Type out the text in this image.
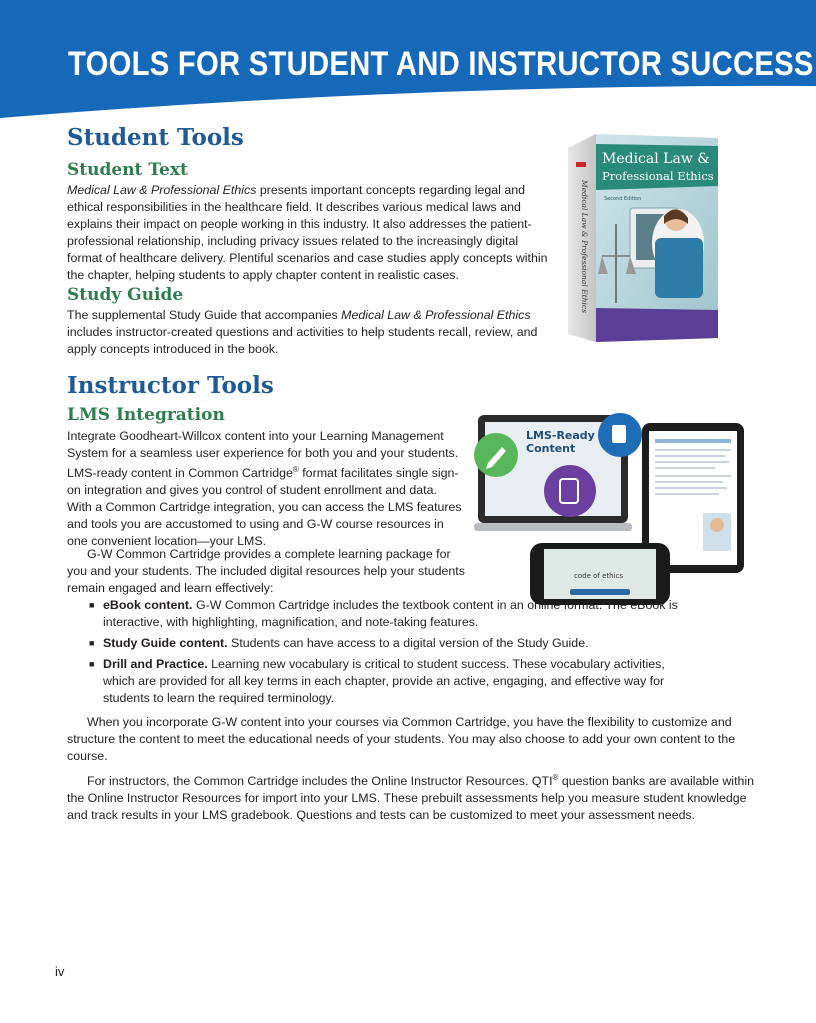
TOOLS FOR STUDENT AND INSTRUCTOR SUCCESS
Student Tools
Student Text

Medical Law & Professional Ethics presents important concepts regarding legal and ethical responsibilities in the healthcare field. It describes various medical laws and explains their impact on people working in this industry. It also addresses the patient-professional relationship, including privacy issues related to the increasingly digital format of healthcare delivery. Plentiful scenarios and case studies apply concepts within the chapter, helping students to apply chapter content in realistic cases.

Study Guide

The supplemental Study Guide that accompanies Medical Law & Professional Ethics includes instructor-created questions and activities to help students recall, review, and apply concepts introduced in the book.

Medical Law & Professional Ethics
Medical Law &
Professional Ethics
Second Edition
Instructor Tools
LMS Integration

Integrate Goodheart-Willcox content into your Learning Management System for a seamless user experience for both you and your students. LMS-ready content in Common Cartridge® format facilitates single sign-on integration and gives you control of student enrollment and data. With a Common Cartridge integration, you can access the LMS features and tools you are accustomed to using and G-W course resources in one convenient location—your LMS.

G-W Common Cartridge provides a complete learning package for you and your students. The included digital resources help your students remain engaged and learn effectively:

LMS-Ready
Content
code of ethics
■ eBook content. G-W Common Cartridge includes the textbook content in an online format. The eBook is interactive, with highlighting, magnification, and note-taking features.
■ Study Guide content. Students can have access to a digital version of the Study Guide.
■ Drill and Practice. Learning new vocabulary is critical to student success. These vocabulary activities, which are provided for all key terms in each chapter, provide an active, engaging, and effective way for students to learn the required terminology.

When you incorporate G-W content into your courses via Common Cartridge, you have the flexibility to customize and structure the content to meet the educational needs of your students. You may also choose to add your own content to the course.

For instructors, the Common Cartridge includes the Online Instructor Resources. QTI® question banks are available within the Online Instructor Resources for import into your LMS. These prebuilt assessments help you measure student knowledge and track results in your LMS gradebook. Questions and tests can be customized to meet your assessment needs.

iv
